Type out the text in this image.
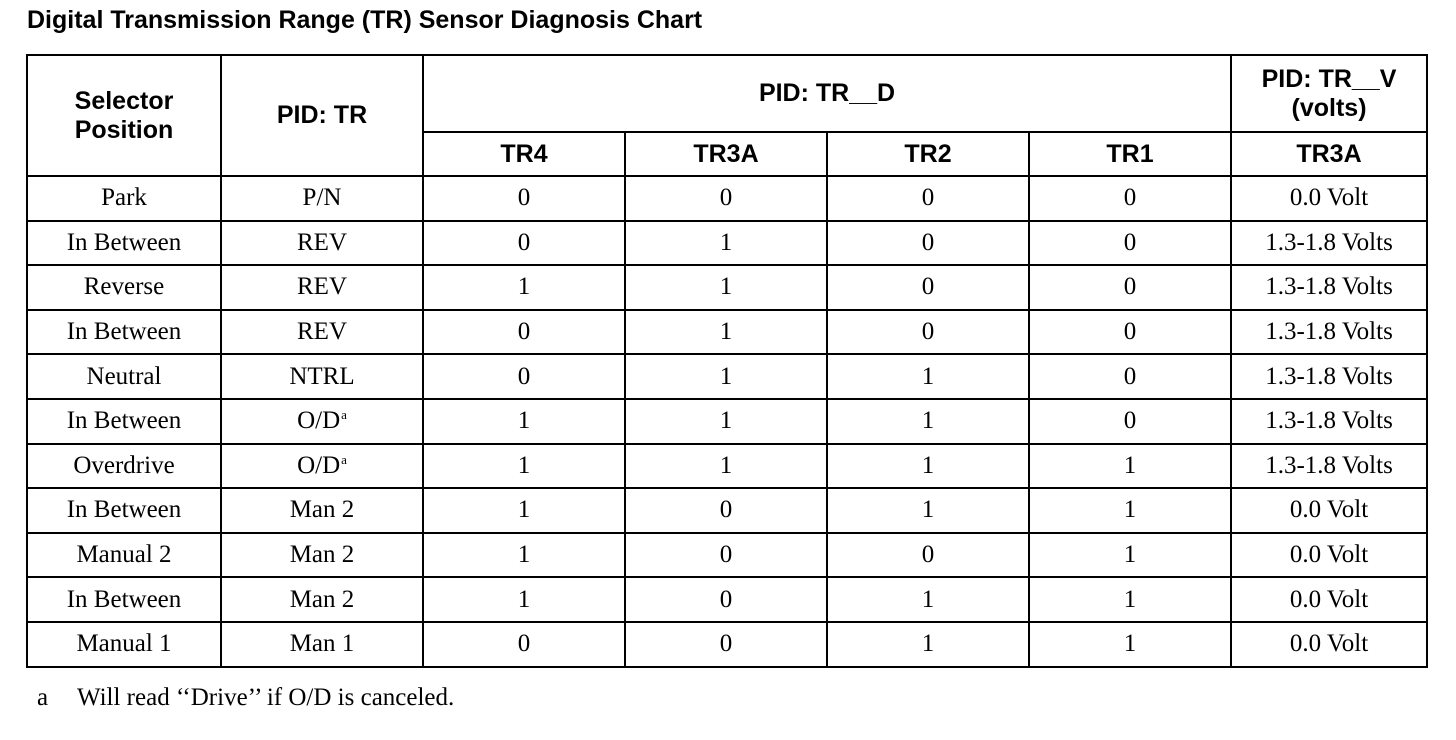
Digital Transmission Range (TR) Sensor Diagnosis Chart
Selector Position	PID: TR	PID: TR__D				PID: TR__V (volts)
		TR4	TR3A	TR2	TR1	TR3A
Park	P/N	0	0	0	0	0.0 Volt
In Between	REV	0	1	0	0	1.3-1.8 Volts
Reverse	REV	1	1	0	0	1.3-1.8 Volts
In Between	REV	0	1	0	0	1.3-1.8 Volts
Neutral	NTRL	0	1	1	0	1.3-1.8 Volts
In Between	$O/D^a$	1	1	1	0	1.3-1.8 Volts
Overdrive	$O/D^a$	1	1	1	1	1.3-1.8 Volts
In Between	Man 2	1	0	1	1	0.0 Volt
Manual 2	Man 2	1	0	0	1	0.0 Volt
In Between	Man 2	1	0	1	1	0.0 Volt
Manual 1	Man 1	0	0	1	1	0.0 Volt
a Will read ‘‘Drive’’ if O/D is canceled.
